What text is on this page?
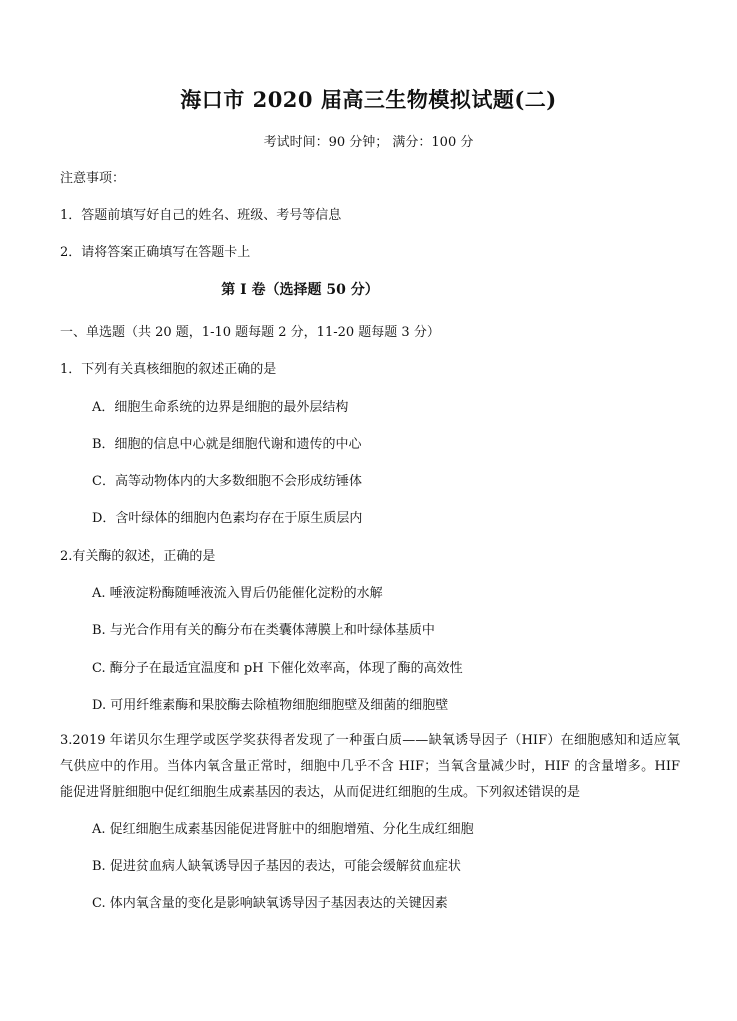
海口市 2020 届高三生物模拟试题(二)
考试时间：90 分钟； 满分：100 分
注意事项：
1．答题前填写好自己的姓名、班级、考号等信息
2．请将答案正确填写在答题卡上
第 I 卷（选择题 50 分）
一、单选题（共 20 题，1-10 题每题 2 分，11-20 题每题 3 分）
1．下列有关真核细胞的叙述正确的是
A．细胞生命系统的边界是细胞的最外层结构
B．细胞的信息中心就是细胞代谢和遗传的中心
C．高等动物体内的大多数细胞不会形成纺锤体
D．含叶绿体的细胞内色素均存在于原生质层内
2.有关酶的叙述，正确的是
A. 唾液淀粉酶随唾液流入胃后仍能催化淀粉的水解
B. 与光合作用有关的酶分布在类囊体薄膜上和叶绿体基质中
C. 酶分子在最适宜温度和 pH 下催化效率高，体现了酶的高效性
D. 可用纤维素酶和果胶酶去除植物细胞细胞壁及细菌的细胞壁
3.2019 年诺贝尔生理学或医学奖获得者发现了一种蛋白质——缺氧诱导因子（HIF）在细胞感知和适应氧气供应中的作用。当体内氧含量正常时，细胞中几乎不含 HIF；当氧含量减少时，HIF 的含量增多。HIF 能促进肾脏细胞中促红细胞生成素基因的表达，从而促进红细胞的生成。下列叙述错误的是
A. 促红细胞生成素基因能促进肾脏中的细胞增殖、分化生成红细胞
B. 促进贫血病人缺氧诱导因子基因的表达，可能会缓解贫血症状
C. 体内氧含量的变化是影响缺氧诱导因子基因表达的关键因素
